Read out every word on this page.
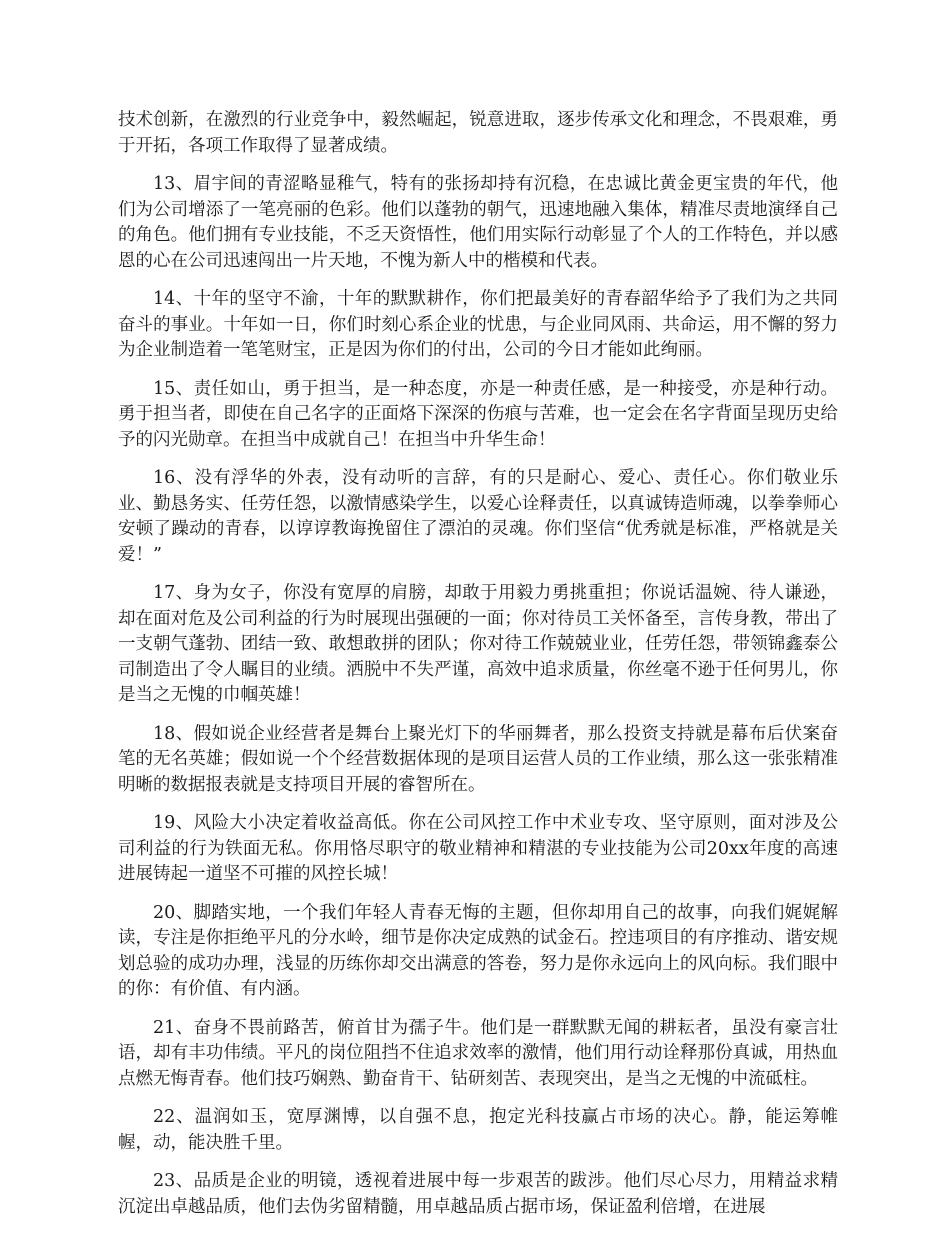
技术创新，在激烈的行业竞争中，毅然崛起，锐意进取，逐步传承文化和理念，不畏艰难，勇于开拓，各项工作取得了显著成绩。

13、眉宇间的青涩略显稚气，特有的张扬却持有沉稳，在忠诚比黄金更宝贵的年代，他们为公司增添了一笔亮丽的色彩。他们以蓬勃的朝气，迅速地融入集体，精准尽责地演绎自己的角色。他们拥有专业技能，不乏天资悟性，他们用实际行动彰显了个人的工作特色，并以感恩的心在公司迅速闯出一片天地，不愧为新人中的楷模和代表。

14、十年的坚守不渝，十年的默默耕作，你们把最美好的青春韶华给予了我们为之共同奋斗的事业。十年如一日，你们时刻心系企业的忧患，与企业同风雨、共命运，用不懈的努力为企业制造着一笔笔财宝，正是因为你们的付出，公司的今日才能如此绚丽。

15、责任如山，勇于担当，是一种态度，亦是一种责任感，是一种接受，亦是种行动。勇于担当者，即使在自己名字的正面烙下深深的伤痕与苦难，也一定会在名字背面呈现历史给予的闪光勋章。在担当中成就自己！在担当中升华生命！

16、没有浮华的外表，没有动听的言辞，有的只是耐心、爱心、责任心。你们敬业乐业、勤恳务实、任劳任怨，以激情感染学生，以爱心诠释责任，以真诚铸造师魂，以拳拳师心安顿了躁动的青春，以谆谆教诲挽留住了漂泊的灵魂。你们坚信“优秀就是标准，严格就是关爱！”

17、身为女子，你没有宽厚的肩膀，却敢于用毅力勇挑重担；你说话温婉、待人谦逊，却在面对危及公司利益的行为时展现出强硬的一面；你对待员工关怀备至，言传身教，带出了一支朝气蓬勃、团结一致、敢想敢拼的团队；你对待工作兢兢业业，任劳任怨，带领锦鑫泰公司制造出了令人瞩目的业绩。洒脱中不失严谨，高效中追求质量，你丝毫不逊于任何男儿，你是当之无愧的巾帼英雄！

18、假如说企业经营者是舞台上聚光灯下的华丽舞者，那么投资支持就是幕布后伏案奋笔的无名英雄；假如说一个个经营数据体现的是项目运营人员的工作业绩，那么这一张张精准明晰的数据报表就是支持项目开展的睿智所在。

19、风险大小决定着收益高低。你在公司风控工作中术业专攻、坚守原则，面对涉及公司利益的行为铁面无私。你用恪尽职守的敬业精神和精湛的专业技能为公司20xx年度的高速进展铸起一道坚不可摧的风控长城！

20、脚踏实地，一个我们年轻人青春无悔的主题，但你却用自己的故事，向我们娓娓解读，专注是你拒绝平凡的分水岭，细节是你决定成熟的试金石。控违项目的有序推动、谐安规划总验的成功办理，浅显的历练你却交出满意的答卷，努力是你永远向上的风向标。我们眼中的你：有价值、有内涵。

21、奋身不畏前路苦，俯首甘为孺子牛。他们是一群默默无闻的耕耘者，虽没有豪言壮语，却有丰功伟绩。平凡的岗位阻挡不住追求效率的激情，他们用行动诠释那份真诚，用热血点燃无悔青春。他们技巧娴熟、勤奋肯干、钻研刻苦、表现突出，是当之无愧的中流砥柱。

22、温润如玉，宽厚渊博，以自强不息，抱定光科技赢占市场的决心。静，能运筹帷幄，动，能决胜千里。

23、品质是企业的明镜，透视着进展中每一步艰苦的跋涉。他们尽心尽力，用精益求精沉淀出卓越品质，他们去伪劣留精髓，用卓越品质占据市场，保证盈利倍增，在进展
